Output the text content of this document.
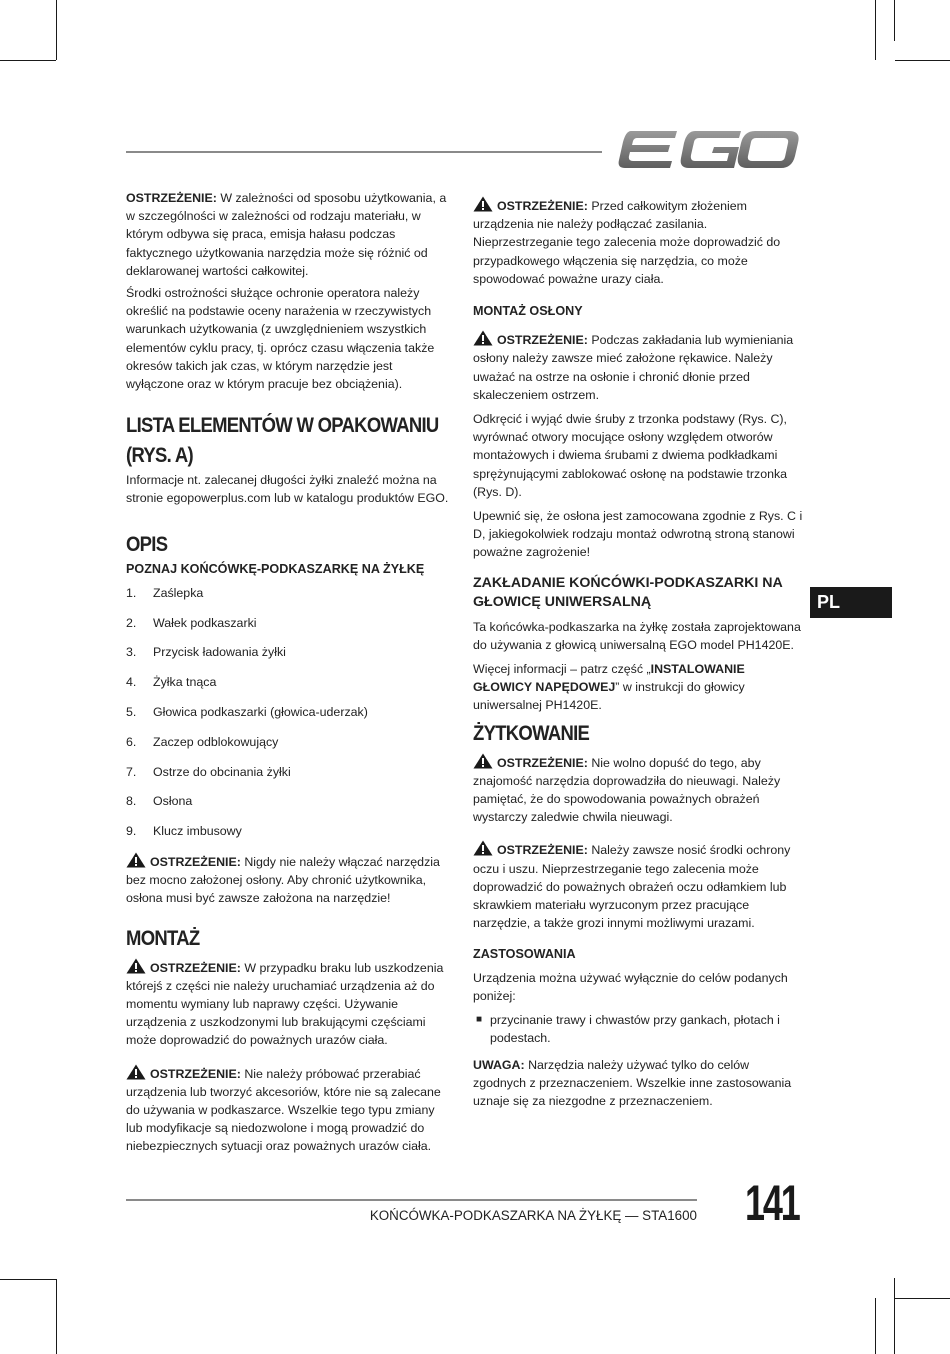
OSTRZEŻENIE: W zależności od sposobu użytkowania, a w szczególności w zależności od rodzaju materiału, w którym odbywa się praca, emisja hałasu podczas faktycznego użytkowania narzędzia może się różnić od deklarowanej wartości całkowitej.

Środki ostrożności służące ochronie operatora należy określić na podstawie oceny narażenia w rzeczywistych warunkach użytkowania (z uwzględnieniem wszystkich elementów cyklu pracy, tj. oprócz czasu włączenia także okresów takich jak czas, w którym narzędzie jest wyłączone oraz w którym pracuje bez obciążenia).

LISTA ELEMENTÓW W OPAKOWANIU
(RYS. A)

Informacje nt. zalecanej długości żyłki znaleźć można na stronie egopowerplus.com lub w katalogu produktów EGO.

OPIS

POZNAJ KOŃCÓWKĘ-PODKASZARKĘ NA ŻYŁKĘ

1. Zaślepka
2. Wałek podkaszarki
3. Przycisk ładowania żyłki
4. Żyłka tnąca
5. Głowica podkaszarki (głowica-uderzak)
6. Zaczep odblokowujący
7. Ostrze do obcinania żyłki
8. Osłona
9. Klucz imbusowy

OSTRZEŻENIE: Nigdy nie należy włączać narzędzia bez mocno założonej osłony. Aby chronić użytkownika, osłona musi być zawsze założona na narzędzie!

MONTAŻ

OSTRZEŻENIE: W przypadku braku lub uszkodzenia którejś z części nie należy uruchamiać urządzenia aż do momentu wymiany lub naprawy części. Używanie urządzenia z uszkodzonymi lub brakującymi częściami może doprowadzić do poważnych urazów ciała.

OSTRZEŻENIE: Nie należy próbować przerabiać urządzenia lub tworzyć akcesoriów, które nie są zalecane do używania w podkaszarce. Wszelkie tego typu zmiany lub modyfikacje są niedozwolone i mogą prowadzić do niebezpiecznych sytuacji oraz poważnych urazów ciała.

OSTRZEŻENIE: Przed całkowitym złożeniem urządzenia nie należy podłączać zasilania. Nieprzestrzeganie tego zalecenia może doprowadzić do przypadkowego włączenia się narzędzia, co może spowodować poważne urazy ciała.

MONTAŻ OSŁONY

OSTRZEŻENIE: Podczas zakładania lub wymieniania osłony należy zawsze mieć założone rękawice. Należy uważać na ostrze na osłonie i chronić dłonie przed skaleczeniem ostrzem.

Odkręcić i wyjąć dwie śruby z trzonka podstawy (Rys. C), wyrównać otwory mocujące osłony względem otworów montażowych i dwiema śrubami z dwiema podkładkami sprężynującymi zablokować osłonę na podstawie trzonka (Rys. D).

Upewnić się, że osłona jest zamocowana zgodnie z Rys. C i D, jakiegokolwiek rodzaju montaż odwrotną stroną stanowi poważne zagrożenie!

ZAKŁADANIE KOŃCÓWKI-PODKASZARKI NA

GŁOWICĘ UNIWERSALNĄ

Ta końcówka-podkaszarka na żyłkę została zaprojektowana do używania z głowicą uniwersalną EGO model PH1420E.

Więcej informacji – patrz część „INSTALOWANIE GŁOWICY NAPĘDOWEJ” w instrukcji do głowicy uniwersalnej PH1420E.

ŻYTKOWANIE

OSTRZEŻENIE: Nie wolno dopuść do tego, aby znajomość narzędzia doprowadziła do nieuwagi. Należy pamiętać, że do spowodowania poważnych obrażeń wystarczy zaledwie chwila nieuwagi.

OSTRZEŻENIE: Należy zawsze nosić środki ochrony oczu i uszu. Nieprzestrzeganie tego zalecenia może doprowadzić do poważnych obrażeń oczu odłamkiem lub skrawkiem materiału wyrzuconym przez pracujące narzędzie, a także grozi innymi możliwymi urazami.

ZASTOSOWANIA

Urządzenia można używać wyłącznie do celów podanych poniżej:

■ przycinanie trawy i chwastów przy gankach, płotach i podestach.

UWAGA: Narzędzia należy używać tylko do celów zgodnych z przeznaczeniem. Wszelkie inne zastosowania uznaje się za niezgodne z przeznaczeniem.

PL
KOŃCÓWKA-PODKASZARKA NA ŻYŁKĘ — STA1600 141
